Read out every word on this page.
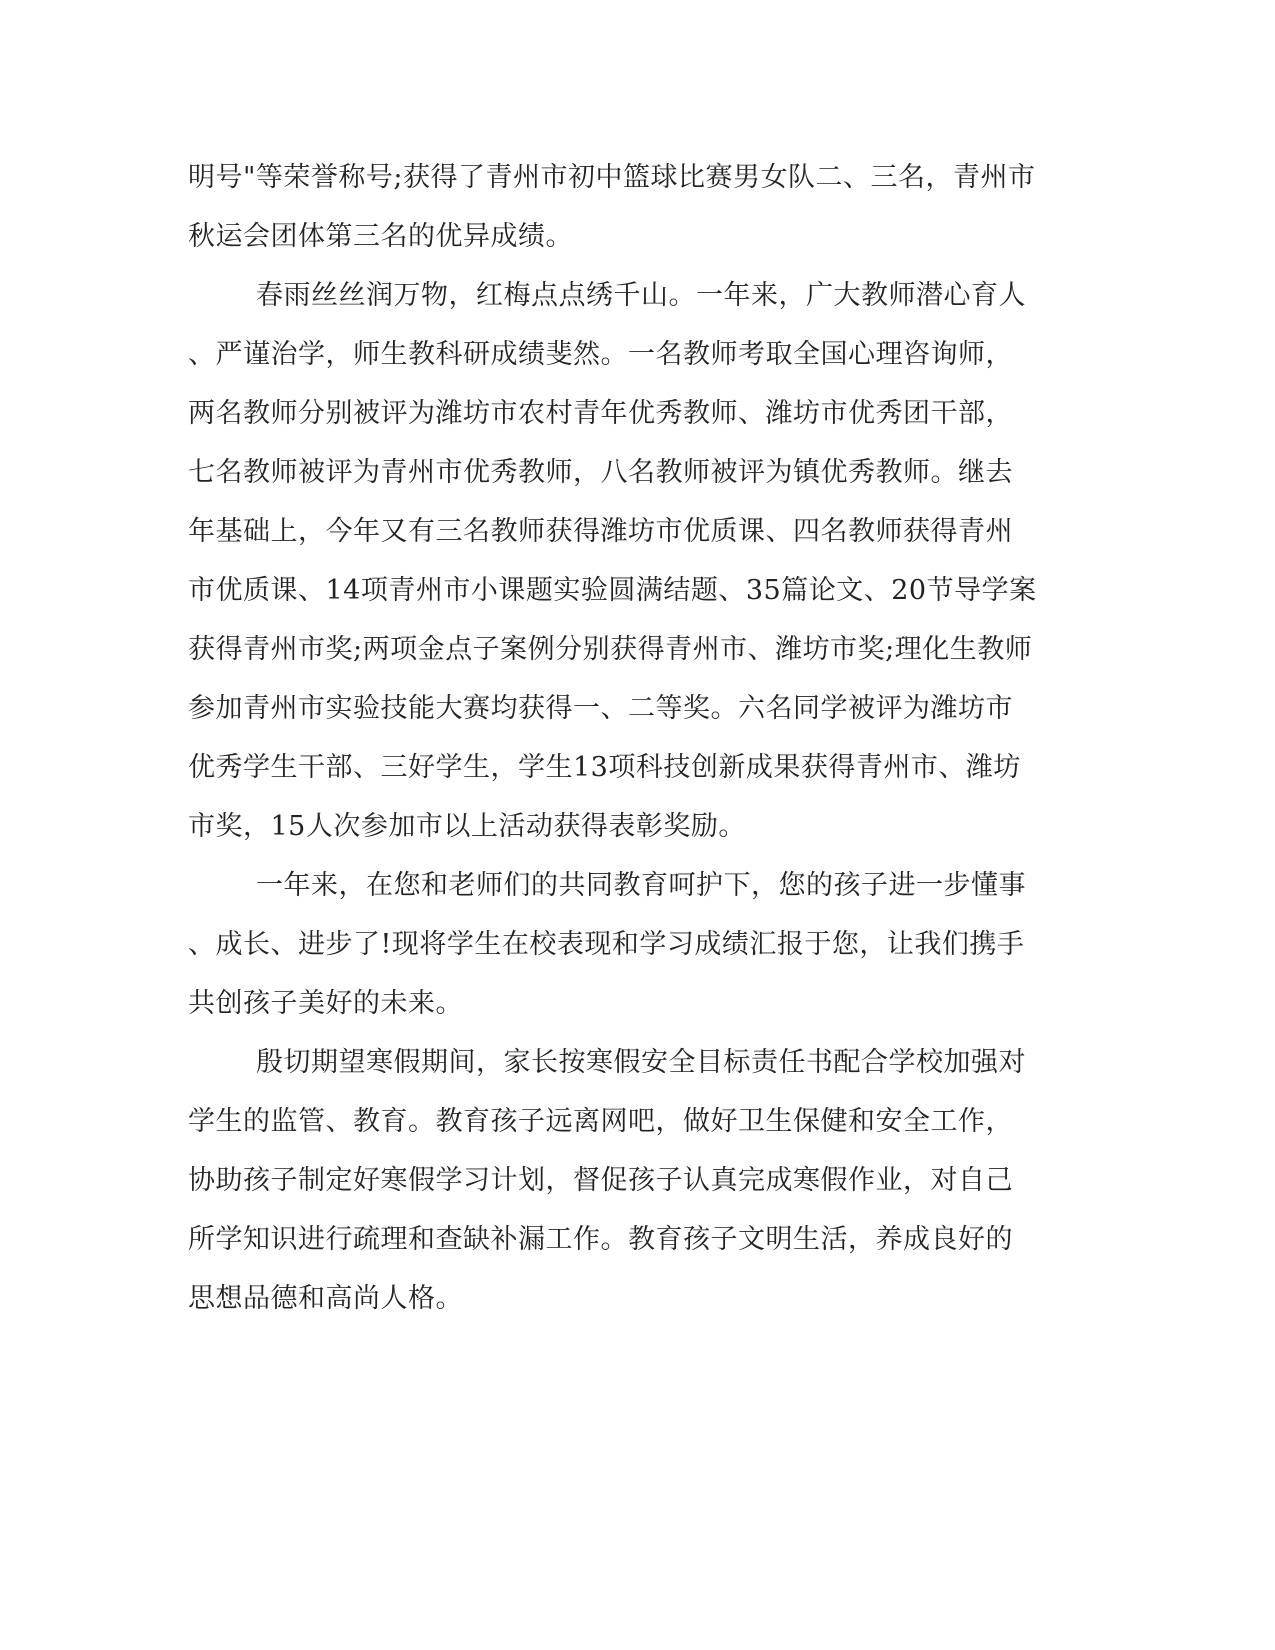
明号"等荣誉称号;获得了青州市初中篮球比赛男女队二、三名，青州市
秋运会团体第三名的优异成绩。
春雨丝丝润万物，红梅点点绣千山。一年来，广大教师潜心育人
、严谨治学，师生教科研成绩斐然。一名教师考取全国心理咨询师，
两名教师分别被评为潍坊市农村青年优秀教师、潍坊市优秀团干部，
七名教师被评为青州市优秀教师，八名教师被评为镇优秀教师。继去
年基础上，今年又有三名教师获得潍坊市优质课、四名教师获得青州
市优质课、14项青州市小课题实验圆满结题、35篇论文、20节导学案
获得青州市奖;两项金点子案例分别获得青州市、潍坊市奖;理化生教师
参加青州市实验技能大赛均获得一、二等奖。六名同学被评为潍坊市
优秀学生干部、三好学生，学生13项科技创新成果获得青州市、潍坊
市奖，15人次参加市以上活动获得表彰奖励。
一年来，在您和老师们的共同教育呵护下，您的孩子进一步懂事
、成长、进步了!现将学生在校表现和学习成绩汇报于您，让我们携手
共创孩子美好的未来。
殷切期望寒假期间，家长按寒假安全目标责任书配合学校加强对
学生的监管、教育。教育孩子远离网吧，做好卫生保健和安全工作，
协助孩子制定好寒假学习计划，督促孩子认真完成寒假作业，对自己
所学知识进行疏理和查缺补漏工作。教育孩子文明生活，养成良好的
思想品德和高尚人格。
